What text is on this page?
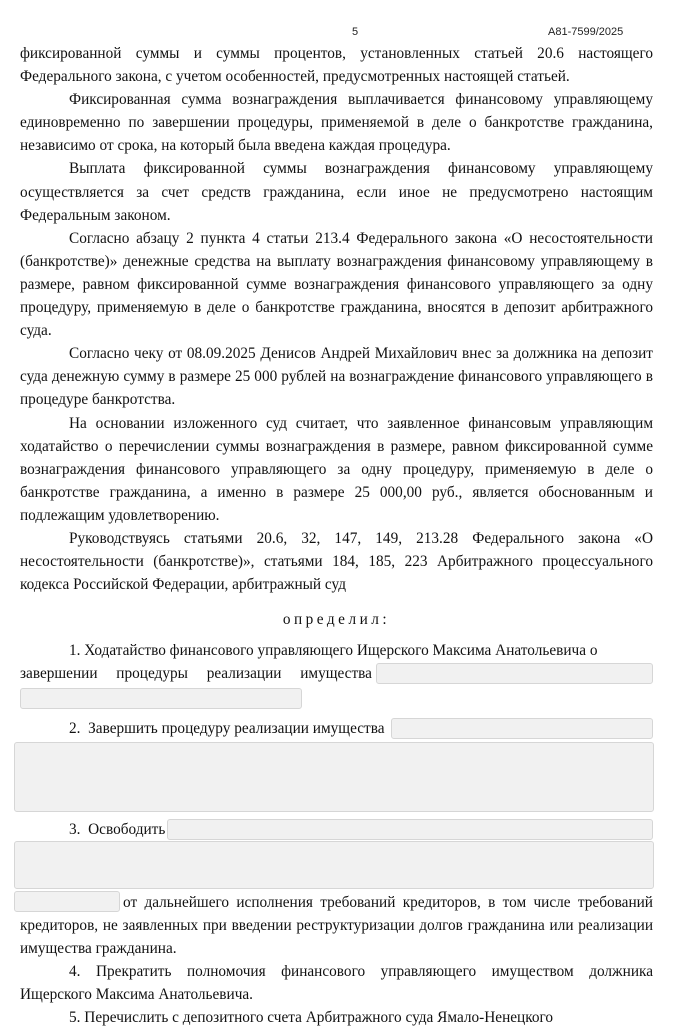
5	А81-7599/2025

фиксированной суммы и суммы процентов, установленных статьей 20.6 настоящего Федерального закона, с учетом особенностей, предусмотренных настоящей статьей.

Фиксированная сумма вознаграждения выплачивается финансовому управляющему единовременно по завершении процедуры, применяемой в деле о банкротстве гражданина, независимо от срока, на который была введена каждая процедура.

Выплата фиксированной суммы вознаграждения финансовому управляющему осуществляется за счет средств гражданина, если иное не предусмотрено настоящим Федеральным законом.

Согласно абзацу 2 пункта 4 статьи 213.4 Федерального закона «О несостоятельности (банкротстве)» денежные средства на выплату вознаграждения финансовому управляющему в размере, равном фиксированной сумме вознаграждения финансового управляющего за одну процедуру, применяемую в деле о банкротстве гражданина, вносятся в депозит арбитражного суда.

Согласно чеку от 08.09.2025 Денисов Андрей Михайлович внес за должника на депозит суда денежную сумму в размере 25 000 рублей на вознаграждение финансового управляющего в процедуре банкротства.

На основании изложенного суд считает, что заявленное финансовым управляющим ходатайство о перечислении суммы вознаграждения в размере, равном фиксированной сумме вознаграждения финансового управляющего за одну процедуру, применяемую в деле о банкротстве гражданина, а именно в размере 25 000,00 руб., является обоснованным и подлежащим удовлетворению.

Руководствуясь статьями 20.6, 32, 147, 149, 213.28 Федерального закона «О несостоятельности (банкротстве)», статьями 184, 185, 223 Арбитражного процессуального кодекса Российской Федерации, арбитражный суд

определил:

1. Ходатайство финансового управляющего Ищерского Максима Анатольевича о

завершении процедуры реализации имущества
2.  Завершить процедуру реализации имущества
3.  Освободить

от дальнейшего исполнения требований кредиторов, в том числе требований кредиторов, не заявленных при введении реструктуризации долгов гражданина или реализации имущества гражданина.

4. Прекратить полномочия финансового управляющего имуществом должника Ищерского Максима Анатольевича.

5. Перечислить с депозитного счета Арбитражного суда Ямало-Ненецкого
